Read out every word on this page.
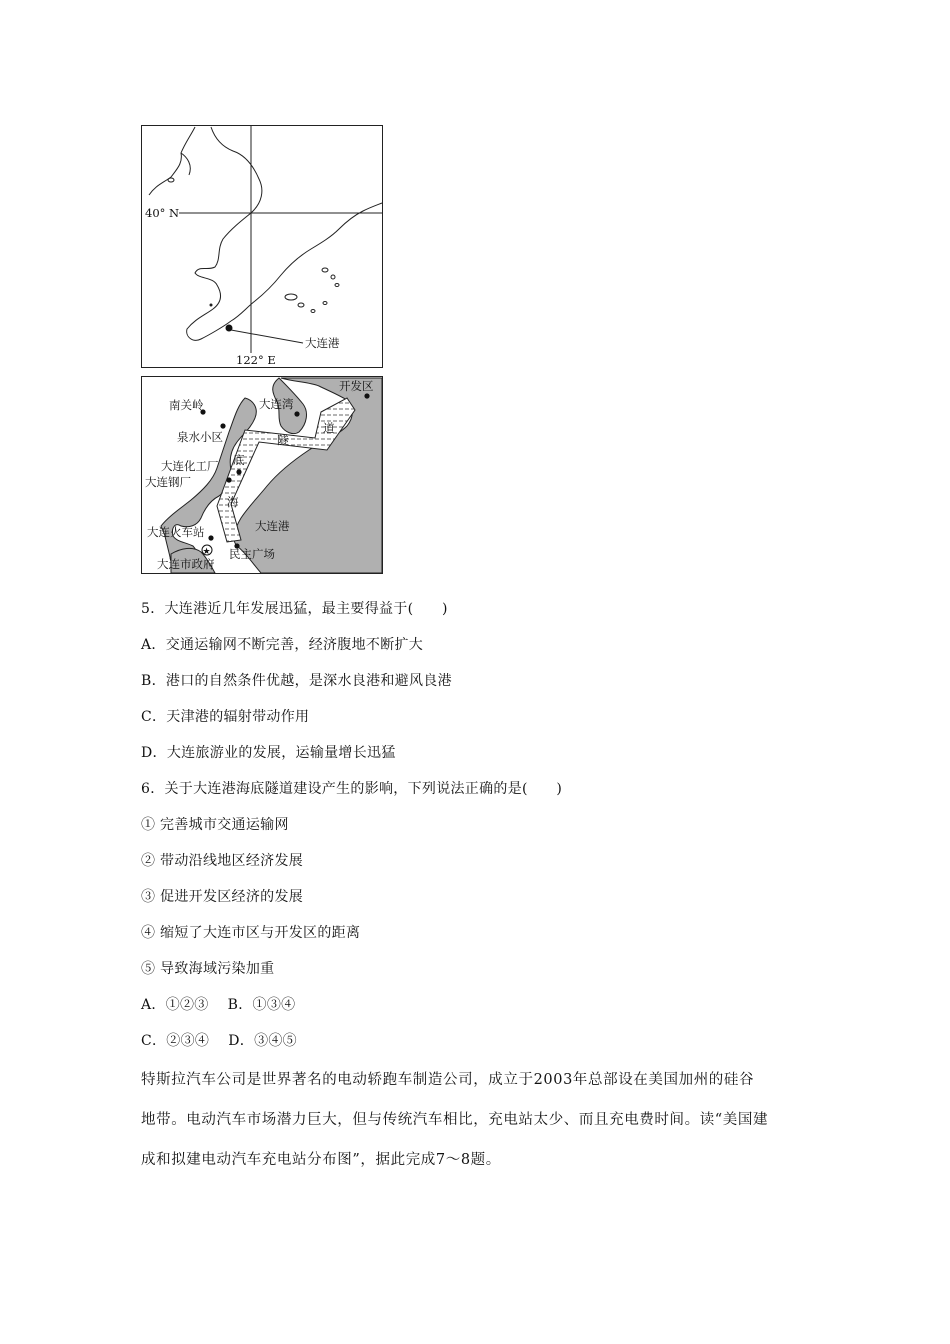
40° N
122° E
大连港
★
开发区
南关岭	大连湾
泉水小区
大连化工厂
大连钢厂
大连火车站
大连市政府
民主广场
大连港
道
隧
底
海
5．大连港近几年发展迅猛，最主要得益于(　　)
A．交通运输网不断完善，经济腹地不断扩大
B．港口的自然条件优越，是深水良港和避风良港
C．天津港的辐射带动作用
D．大连旅游业的发展，运输量增长迅猛
6．关于大连港海底隧道建设产生的影响，下列说法正确的是(　　)
① 完善城市交通运输网
② 带动沿线地区经济发展
③ 促进开发区经济的发展
④ 缩短了大连市区与开发区的距离
⑤ 导致海域污染加重
A．①②③　 B．①③④
C．②③④　 D．③④⑤
特斯拉汽车公司是世界著名的电动轿跑车制造公司，成立于2003年总部设在美国加州的硅谷
地带。电动汽车市场潜力巨大，但与传统汽车相比，充电站太少、而且充电费时间。读“美国建
成和拟建电动汽车充电站分布图”，据此完成7～8题。
